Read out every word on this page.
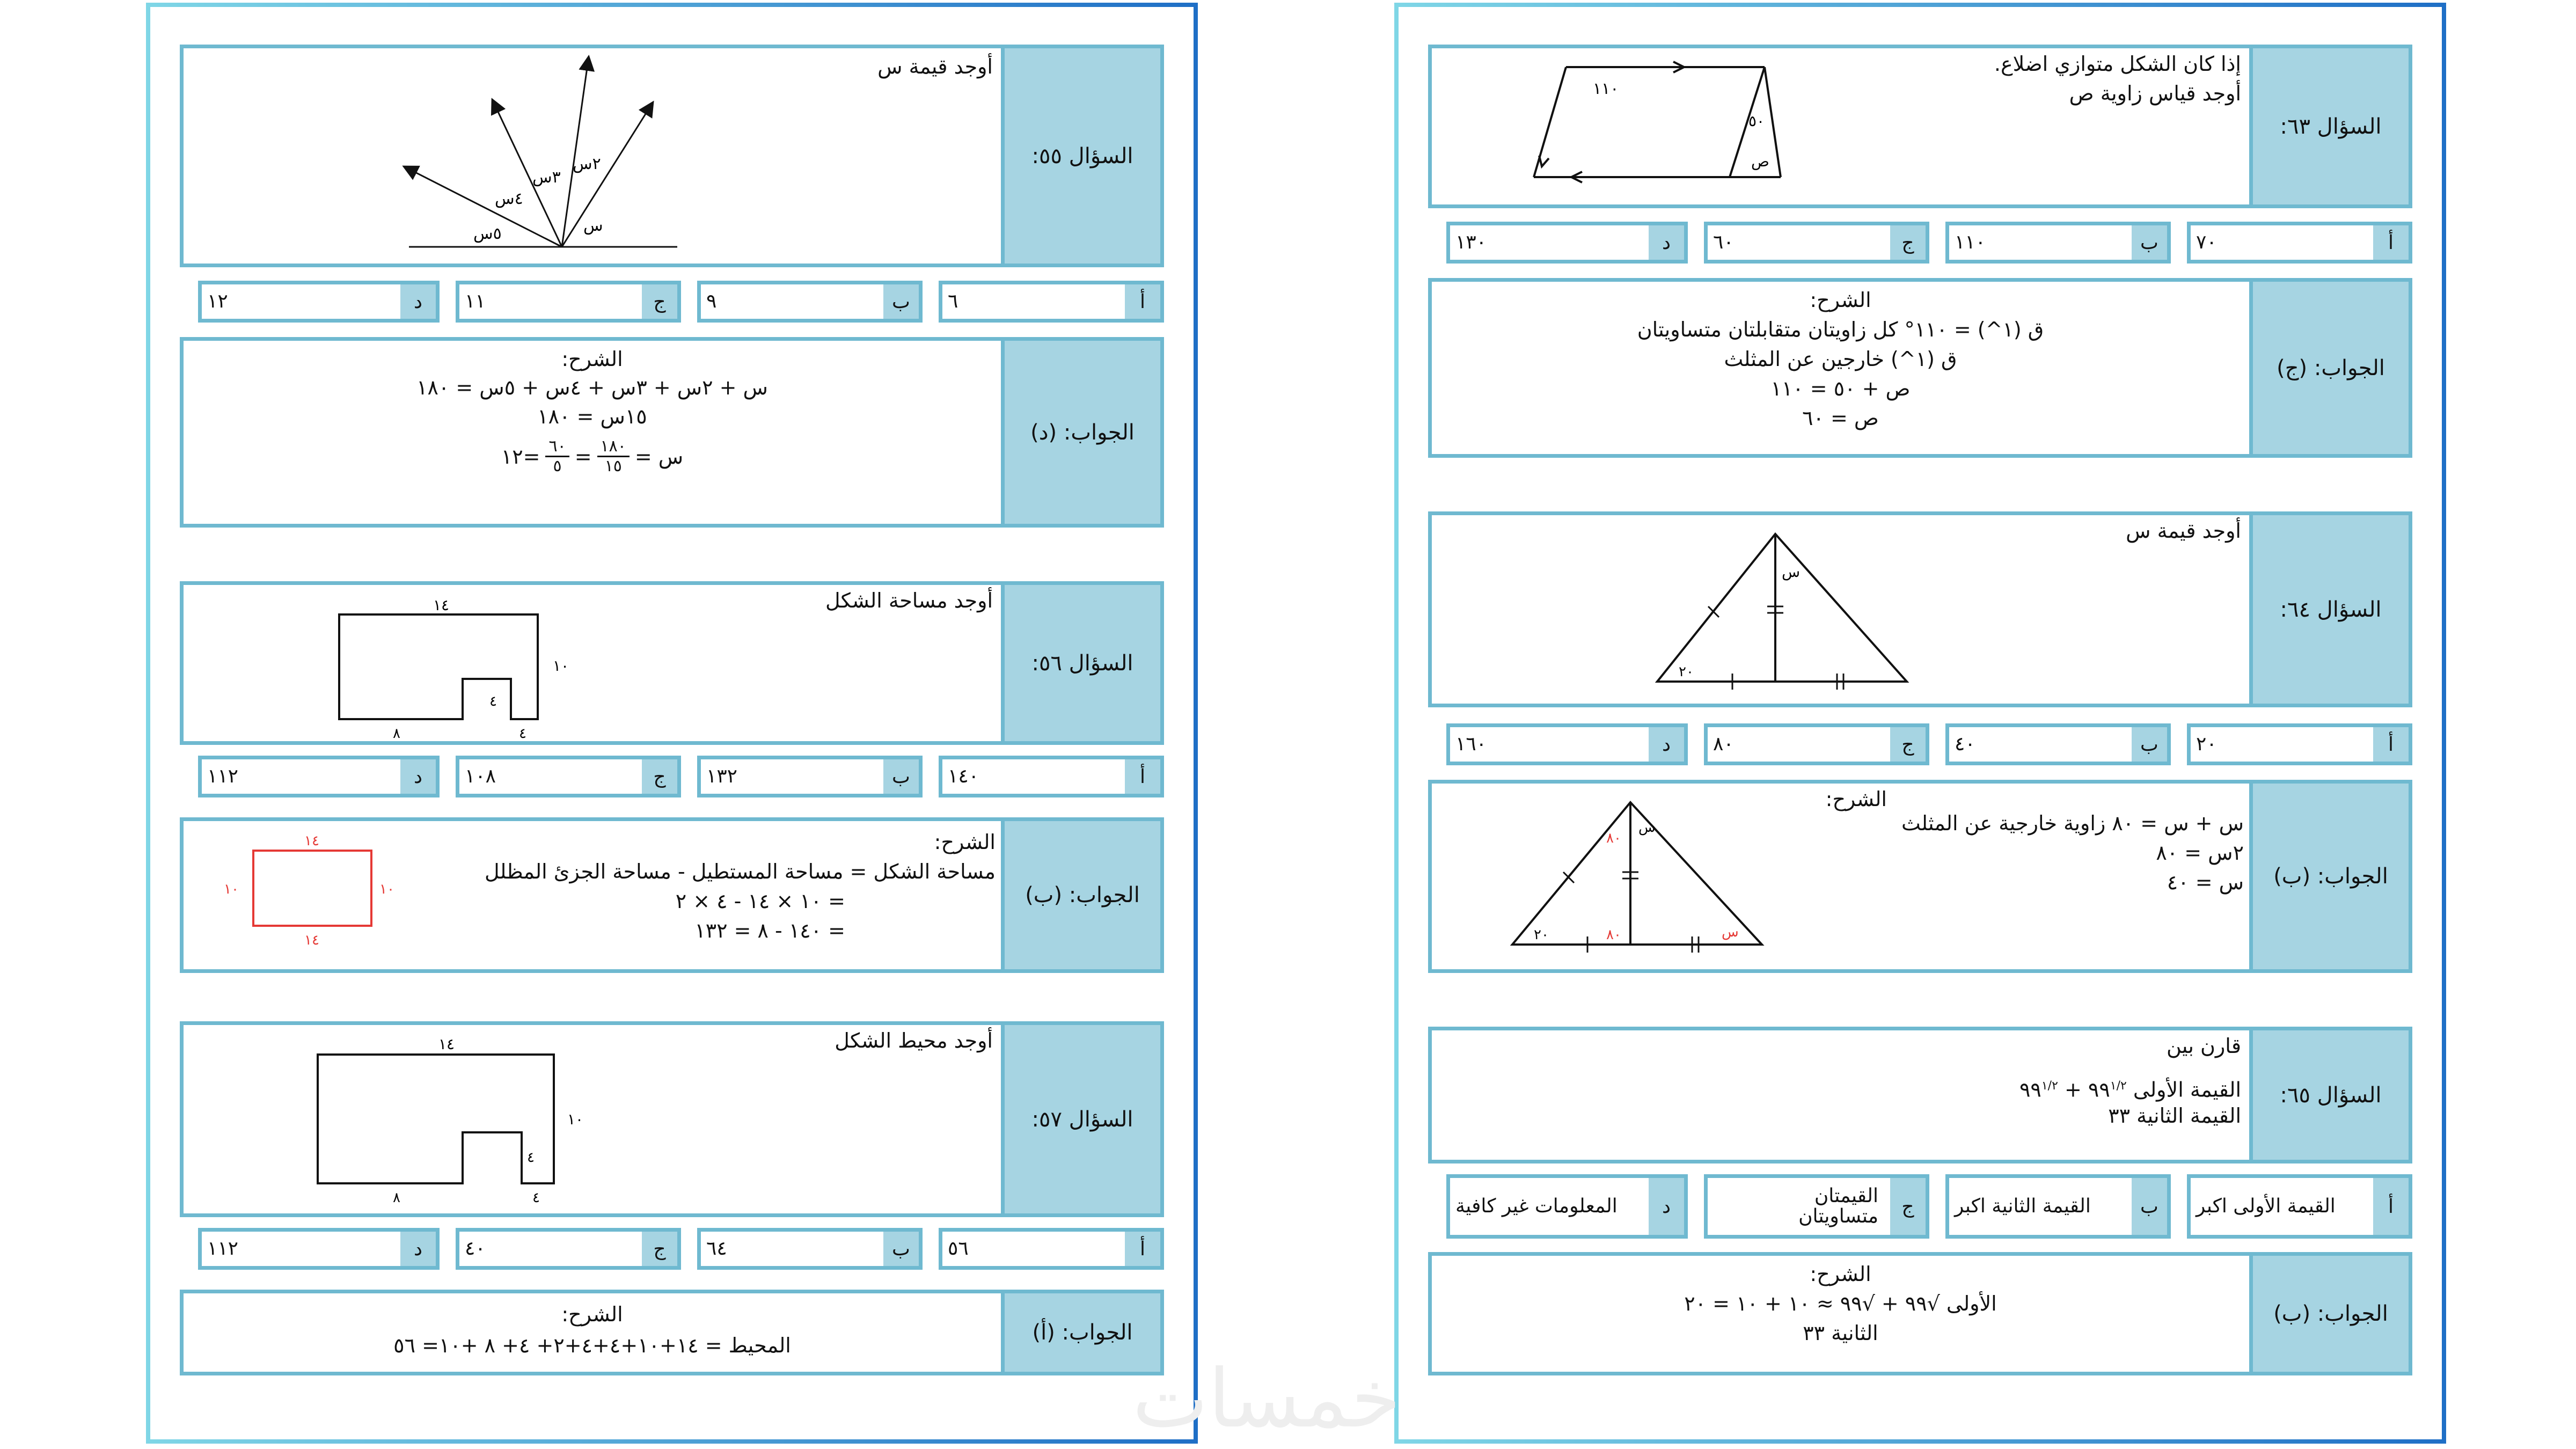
السؤال ٥٥:
أوجد قيمة س
س
٢س
٣س
٤س
٥س
أ
٦
ب
٩
ج
١١
د
١٢
الجواب: (د)
الشرح:
س + ٢س + ٣س + ٤س + ٥س = ١٨٠
١٥س = ١٨٠
س =
$\frac{١٨٠}{١٥}$
=
$\frac{٦٠}{٥}$
=١٢
السؤال ٥٦:
أوجد مساحة الشكل
١٤
١٠
٤
٨	٤
أ
١٤٠
ب
١٣٢
ج
١٠٨
د
١١٢
الجواب: (ب)
الشرح:
مساحة الشكل = مساحة المستطيل - مساحة الجزئ المظلل
= ١٠ × ١٤ - ٤ × ٢
= ١٤٠ - ٨ = ١٣٢
١٤
١٤
١٠	١٠
السؤال ٥٧:
أوجد محيط الشكل
١٤
١٠
٤
٨	٤
أ
٥٦
ب
٦٤
ج
٤٠
د
١١٢
الجواب: (أ)
الشرح:
المحيط = ١٤+١٠+٤+٤+٢+ ٤+ ٨ +١٠= ٥٦
السؤال ٦٣:
إذا كان الشكل متوازي اضلاع.
أوجد قياس زاوية ص
١١٠
٥٠
ص
أ
٧٠
ب
١١٠
ج
٦٠
د
١٣٠
الجواب: (ج)
الشرح:
ق (١^) = ١١٠° كل زاويتان متقابلتان متساويتان
ق (١^) خارجين عن المثلث
ص + ٥٠ = ١١٠
ص = ٦٠
السؤال ٦٤:
أوجد قيمة س
س
٢٠
أ
٢٠
ب
٤٠
ج
٨٠
د
١٦٠
الجواب: (ب)
الشرح:
س + س = ٨٠ زاوية خارجية عن المثلث
٢س = ٨٠
س = ٤٠
س
٨٠
٨٠
٢٠	س
السؤال ٦٥:
قارن بين
القيمة الأولى $٩٩^{١/٢}$ + $٩٩^{١/٢}$
القيمة الثانية ٣٣
أ
القيمة الأولى اكبر
ب
القيمة الثانية اكبر
ج
القيمتان متساويتان
د
المعلومات غير كافية
الجواب: (ب)
الشرح:
الأولى √٩٩ + √٩٩ ≈ ١٠ + ١٠ = ٢٠
الثانية ٣٣
خمسات
